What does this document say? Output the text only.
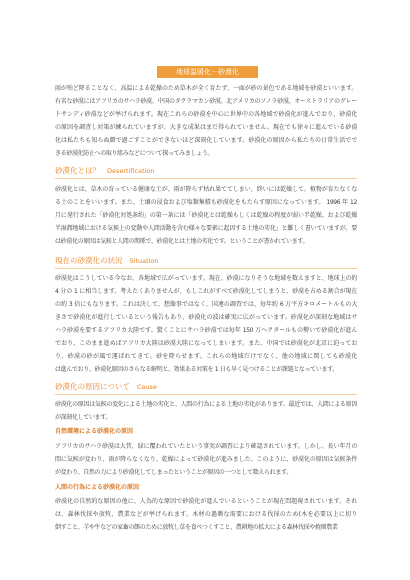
地球温暖化－砂漠化
雨が殆ど降ることなく、高温による乾燥のため草木が全く育たず、一面が砂の景色である地域を砂漠といいます。
有名な砂漠にはアフリカのサハラ砂漠、中国のタクラマカン砂漠、北アメリカのソノラ砂漠、オーストラリアのグレー
トサンディ砂漠などが挙げられます。現在これらの砂漠を中心に世界中の各地域で砂漠化が進んでおり、砂漠化
の原因を調査し対策が練られていますが、大きな成果はまだ得られていません。現在でも徐々に進んでいる砂漠
化は私たちも知らぬ顔で過ごすことができないほど深刻化しています。砂漠化の原因から私たちの日常生活でで
きる砂漠化防止への取り組みなどについて探ってみましょう。
砂漠化とは？ Desertification
砂漠化とは、草木の育っている健康な土が、雨が降らず枯れ果ててしまい、終いには乾燥して、植物が育たなくな
る土のことをいいます。また、土壌の浸食および塩類集積も砂漠化をもたらす原因になっています。 1996 年 12
月に発行された「砂漠化対処条約」の第一条には「砂漠化とは乾燥もしくは乾燥の程度が弱い半乾燥、および乾燥
半湿潤地域における気候上の変動や人間活動を含む様々な要素に起因する土地の劣化」と難しく書いていますが、要
は砂漠化の原因は気候と人間の関係で、砂漠化とは土地の劣化です。ということが書かれています。
現在の砂漠化の状況 Situation
砂漠化はこうしている今なお、各地域で広がっています。現在、砂漠になりそうな地域を数えますと、地球上の約
4 分の 1 に相当します。考えたくありませんが、もしこれがすべて砂漠化してしまうと、砂漠を占める割合が現在
の約 3 倍にもなります。これは決して、想像事ではなく、国連の調査では、毎年約 6 万平方キロメートルもの大
きさで砂漠化が進行しているという報告もあり、砂漠化の波は確実に広がっています。砂漠化が深刻な地域はサ
ハラ砂漠を要するアフリカ大陸です。驚くことにサハラ砂漠では毎年 150 万ヘクタールもの勢いで砂漠化が進ん
でおり、このまま進めばアフリカ大陸は砂漠大陸になってしまいます。また、中国では砂漠化が北京に迫ってお
り、砂漠の砂が風で運ばれてきて、砂を降らせます。これらの地域だけでなく、他の地域に関しても砂漠化
は進んでおり、砂漠化原因のさらなる解明と、効果ある対策を 1 日も早く見つけることが課題となっています。
砂漠化の原因について Cause
砂漠化の原因は気候の変化による土地の劣化と、人間の行為による土地の劣化があります。最近では、人間による原因
が深刻化しています。
自然環境による砂漠化の原因
アフリカのサハラ砂漠は大昔、緑に覆われていたという事実が調査により確認されています。しかし、長い年月の
間に気候が変わり、雨が降らなくなり、乾燥によって砂漠化が進みました。このように、砂漠化の原因は気候条件
が変わり、自然の力により砂漠化してしまったということが原因の一つとして数えられます。
人間の行為による砂漠化の原因
砂漠化の自然的な原因の他に、人為的な原因で砂漠化が進んでいるということが現在問題視されています。それ
は、森林伐採や放牧、農業などが挙げられます。木材の過剰な需要における伐採のため(木を必要以上に切り
倒すこと、羊や牛などの家畜の餌のために放牧し草を食べつくすこと、農耕地の拡大による森林伐採や焼畑農業
